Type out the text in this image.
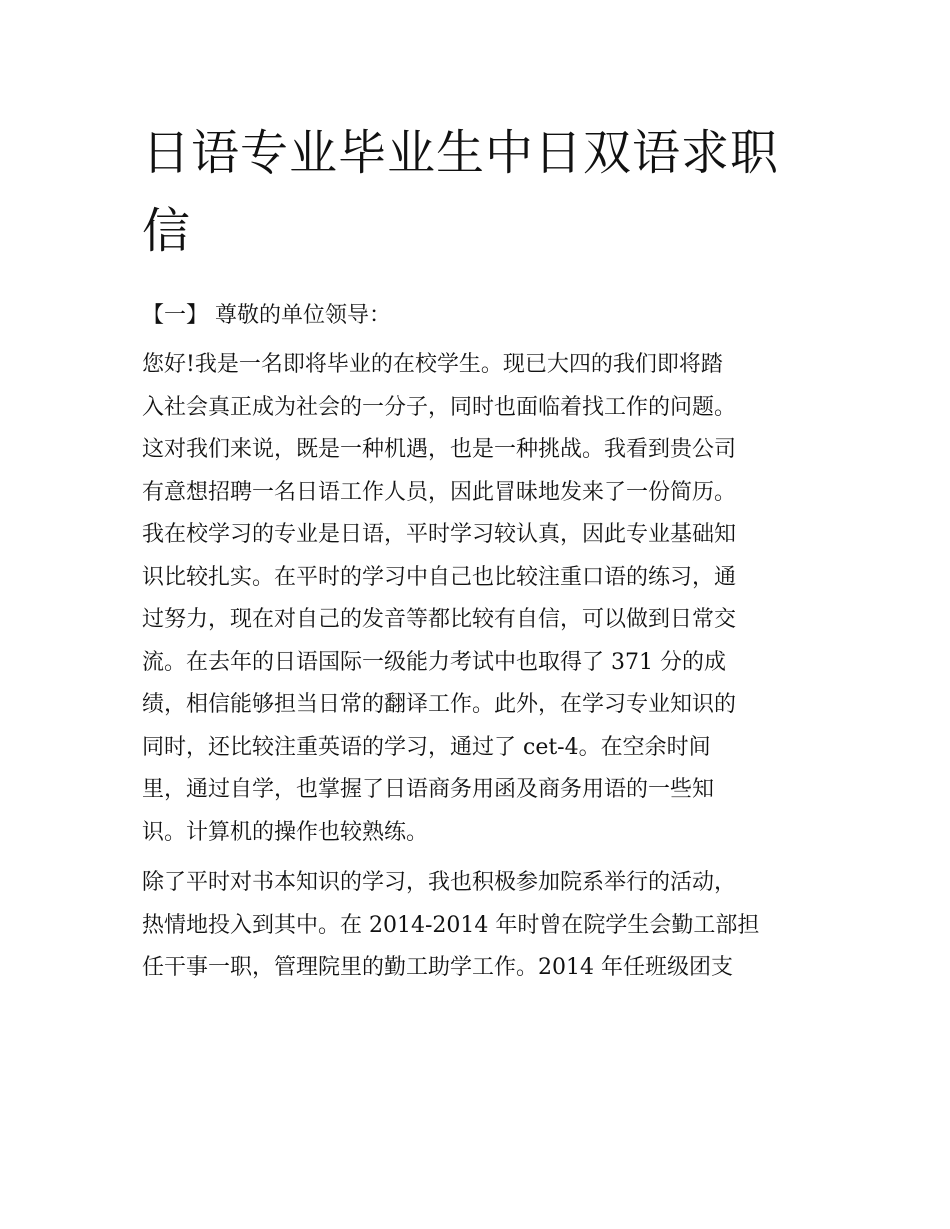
日语专业毕业生中日双语求职
信
【一】 尊敬的单位领导：
您好!我是一名即将毕业的在校学生。现已大四的我们即将踏
入社会真正成为社会的一分子，同时也面临着找工作的问题。
这对我们来说，既是一种机遇，也是一种挑战。我看到贵公司
有意想招聘一名日语工作人员，因此冒昧地发来了一份简历。
我在校学习的专业是日语，平时学习较认真，因此专业基础知
识比较扎实。在平时的学习中自己也比较注重口语的练习，通
过努力，现在对自己的发音等都比较有自信，可以做到日常交
流。在去年的日语国际一级能力考试中也取得了 371 分的成
绩，相信能够担当日常的翻译工作。此外，在学习专业知识的
同时，还比较注重英语的学习，通过了 cet-4。在空余时间
里，通过自学，也掌握了日语商务用函及商务用语的一些知
识。计算机的操作也较熟练。
除了平时对书本知识的学习，我也积极参加院系举行的活动，
热情地投入到其中。在 2014-2014 年时曾在院学生会勤工部担
任干事一职，管理院里的勤工助学工作。2014 年任班级团支
